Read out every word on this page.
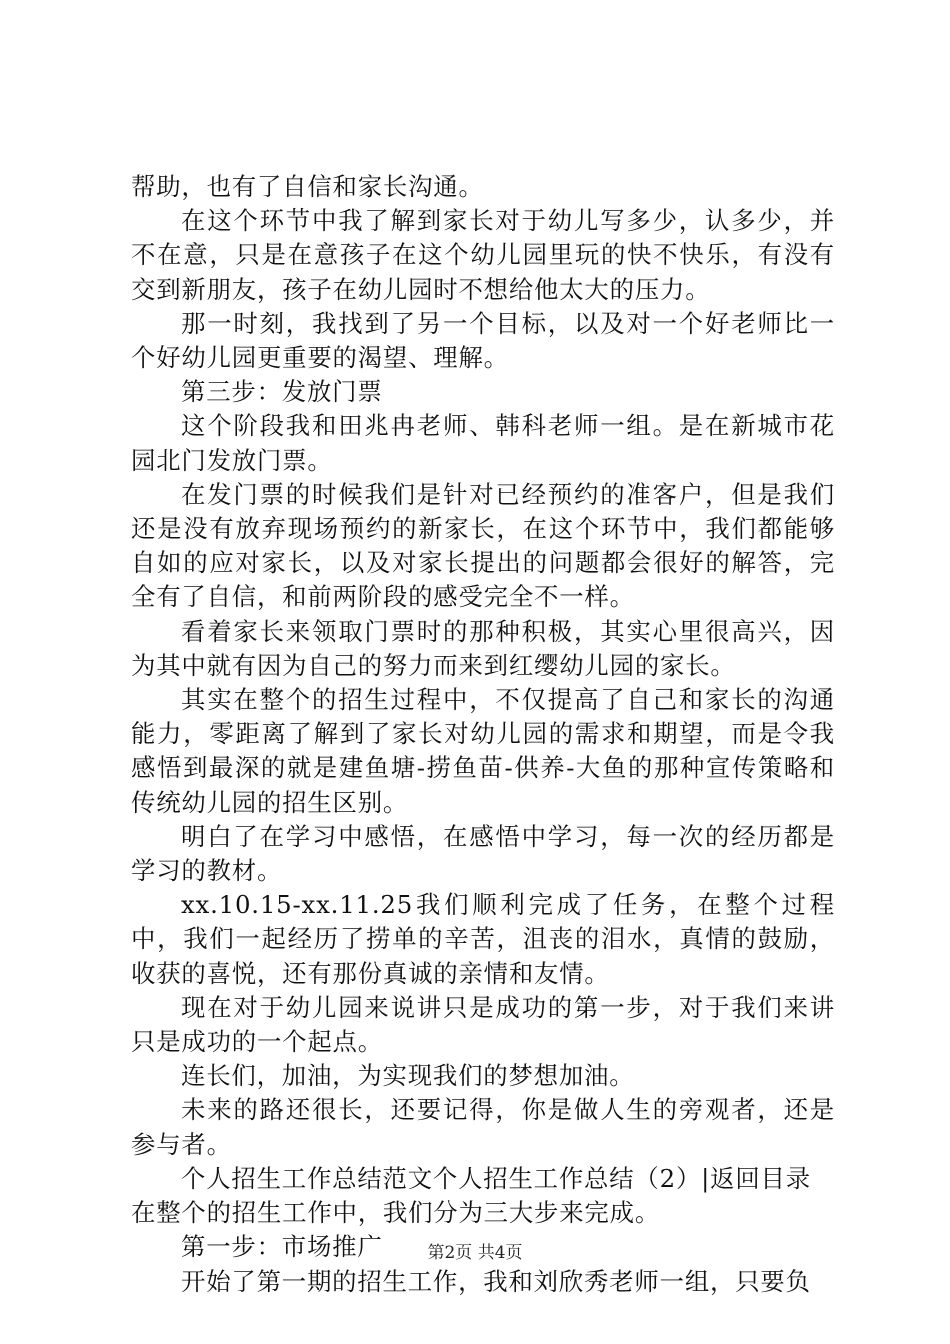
帮助，也有了自信和家长沟通。

在这个环节中我了解到家长对于幼儿写多少，认多少，并不在意，只是在意孩子在这个幼儿园里玩的快不快乐，有没有交到新朋友，孩子在幼儿园时不想给他太大的压力。

那一时刻，我找到了另一个目标，以及对一个好老师比一个好幼儿园更重要的渴望、理解。

第三步：发放门票

这个阶段我和田兆冉老师、韩科老师一组。是在新城市花园北门发放门票。

在发门票的时候我们是针对已经预约的准客户，但是我们还是没有放弃现场预约的新家长，在这个环节中，我们都能够自如的应对家长，以及对家长提出的问题都会很好的解答，完全有了自信，和前两阶段的感受完全不一样。

看着家长来领取门票时的那种积极，其实心里很高兴，因为其中就有因为自己的努力而来到红缨幼儿园的家长。

其实在整个的招生过程中，不仅提高了自己和家长的沟通能力，零距离了解到了家长对幼儿园的需求和期望，而是令我感悟到最深的就是建鱼塘-捞鱼苗-供养-大鱼的那种宣传策略和传统幼儿园的招生区别。

明白了在学习中感悟，在感悟中学习，每一次的经历都是学习的教材。

xx.10.15-xx.11.25我们顺利完成了任务，在整个过程中，我们一起经历了捞单的辛苦，沮丧的泪水，真情的鼓励，收获的喜悦，还有那份真诚的亲情和友情。

现在对于幼儿园来说讲只是成功的第一步，对于我们来讲只是成功的一个起点。

连长们，加油，为实现我们的梦想加油。

未来的路还很长，还要记得，你是做人生的旁观者，还是参与者。

个人招生工作总结范文个人招生工作总结（2）|返回目录

在整个的招生工作中，我们分为三大步来完成。

第一步：市场推广

开始了第一期的招生工作，我和刘欣秀老师一组，只要负

第2页 共4页
